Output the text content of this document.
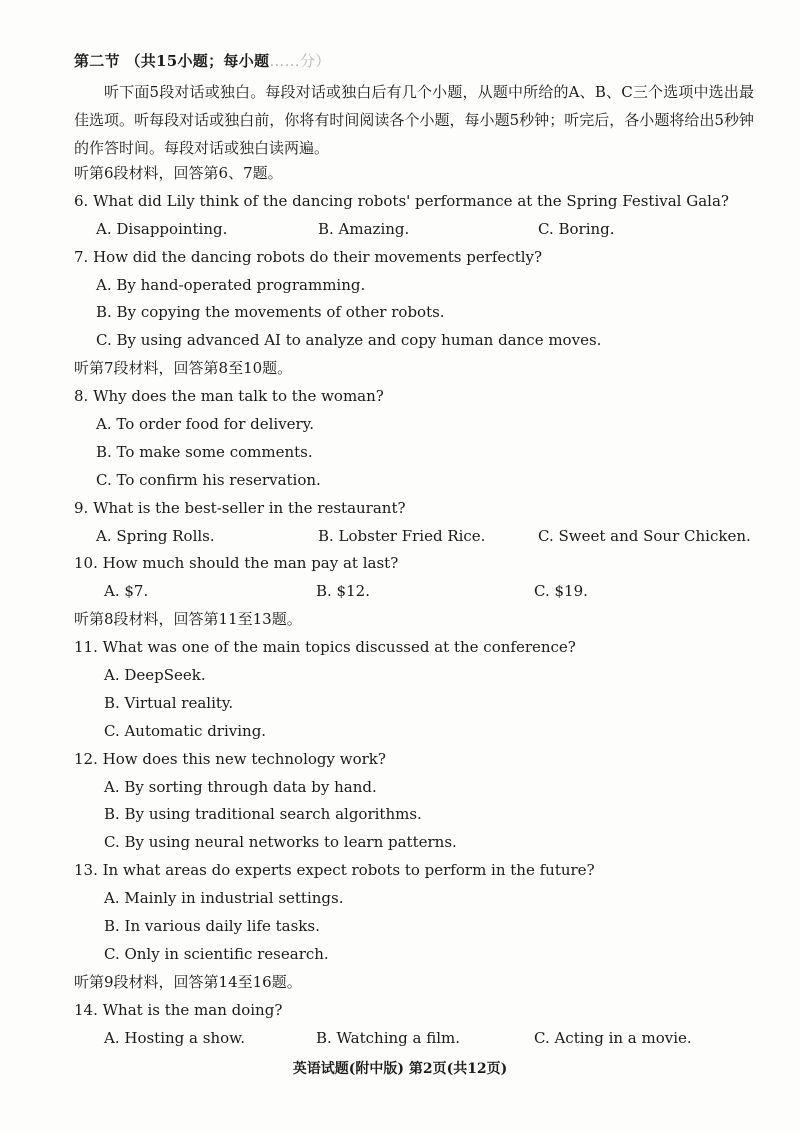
第二节 （共15小题；每小题……分）

听下面5段对话或独白。每段对话或独白后有几个小题，从题中所给的A、B、C三个选项中选出最佳选项。听每段对话或独白前，你将有时间阅读各个小题，每小题5秒钟；听完后，各小题将给出5秒钟的作答时间。每段对话或独白读两遍。

听第6段材料，回答第6、7题。
6. What did Lily think of the dancing robots' performance at the Spring Festival Gala?
A. Disappointing.	B. Amazing.	C. Boring.
7. How did the dancing robots do their movements perfectly?
A. By hand-operated programming.
B. By copying the movements of other robots.
C. By using advanced AI to analyze and copy human dance moves.
听第7段材料，回答第8至10题。
8. Why does the man talk to the woman?
A. To order food for delivery.
B. To make some comments.
C. To confirm his reservation.
9. What is the best-seller in the restaurant?
A. Spring Rolls.	B. Lobster Fried Rice.	C. Sweet and Sour Chicken.
10. How much should the man pay at last?
A. $7.	B. $12.	C. $19.
听第8段材料，回答第11至13题。
11. What was one of the main topics discussed at the conference?
A. DeepSeek.
B. Virtual reality.
C. Automatic driving.
12. How does this new technology work?
A. By sorting through data by hand.
B. By using traditional search algorithms.
C. By using neural networks to learn patterns.
13. In what areas do experts expect robots to perform in the future?
A. Mainly in industrial settings.
B. In various daily life tasks.
C. Only in scientific research.
听第9段材料，回答第14至16题。
14. What is the man doing?
A. Hosting a show.	B. Watching a film.	C. Acting in a movie.
英语试题(附中版) 第2页(共12页)
